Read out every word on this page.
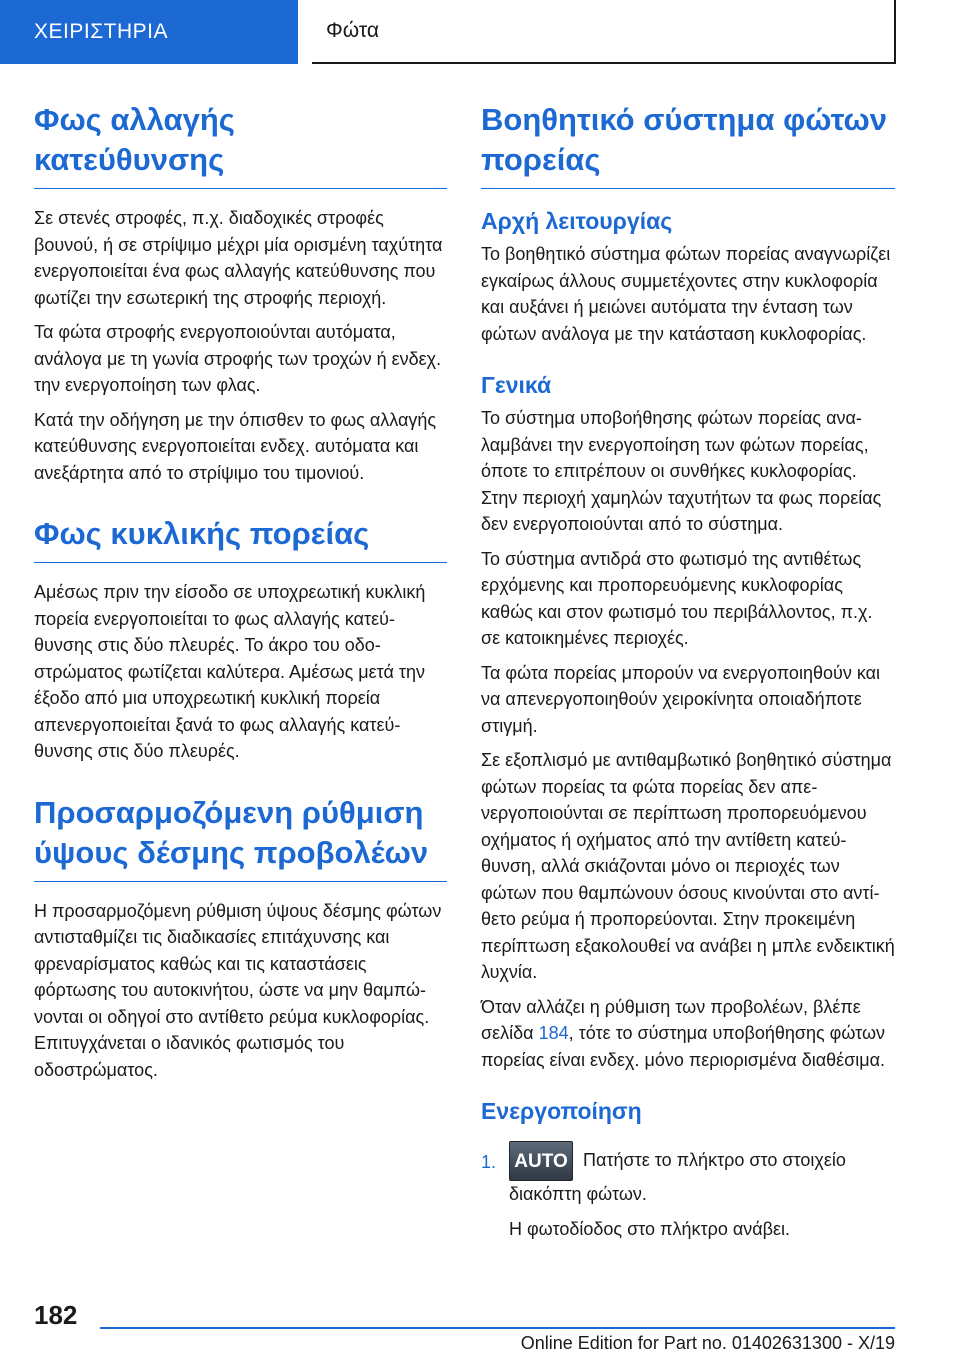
ΧΕΙΡΙΣΤΗΡΙΑ	Φώτα
Φως αλλαγής
κατεύθυνσης

Σε στενές στροφές, π.χ. διαδοχικές στροφές βουνού, ή σε στρίψιμο μέχρι μία ορισμένη ταχύτητα ενεργοποιείται ένα φως αλλαγής κατεύθυνσης που φωτίζει την εσωτερική της στροφής περιοχή.

Τα φώτα στροφής ενεργοποιούνται αυτόματα, ανάλογα με τη γωνία στροφής των τροχών ή ενδεχ. την ενεργοποίηση των φλας.

Κατά την οδήγηση με την όπισθεν το φως αλλαγής κατεύθυνσης ενεργοποιείται ενδεχ. αυτόματα και ανεξάρτητα από το στρίψιμο του τιμονιού.

Φως κυκλικής πορείας

Αμέσως πριν την είσοδο σε υποχρεωτική κυκλική πορεία ενεργοποιείται το φως αλλαγής κατεύθυνσης στις δύο πλευρές. Το άκρο του οδοστρώματος φωτίζεται καλύτερα. Αμέσως μετά την έξοδο από μια υποχρεωτική κυκλική πορεία απενεργοποιείται ξανά το φως αλλαγής κατεύθυνσης στις δύο πλευρές.

Προσαρμοζόμενη ρύθμιση
ύψους δέσμης προβολέων

Η προσαρμοζόμενη ρύθμιση ύψους δέσμης φώτων αντισταθμίζει τις διαδικασίες επιτάχυνσης και φρεναρίσματος καθώς και τις καταστάσεις φόρτωσης του αυτοκινήτου, ώστε να μην θαμπώνονται οι οδηγοί στο αντίθετο ρεύμα κυκλοφορίας. Επιτυγχάνεται ο ιδανικός φωτισμός του οδοστρώματος.

Βοηθητικό σύστημα φώτων
πορείας
Αρχή λειτουργίας

Το βοηθητικό σύστημα φώτων πορείας αναγνωρίζει εγκαίρως άλλους συμμετέχοντες στην κυκλοφορία και αυξάνει ή μειώνει αυτόματα την ένταση των φώτων ανάλογα με την κατάσταση κυκλοφορίας.

Γενικά

Το σύστημα υποβοήθησης φώτων πορείας αναλαμβάνει την ενεργοποίηση των φώτων πορείας, όποτε το επιτρέπουν οι συνθήκες κυκλοφορίας. Στην περιοχή χαμηλών ταχυτήτων τα φως πορείας δεν ενεργοποιούνται από το σύστημα.

Το σύστημα αντιδρά στο φωτισμό της αντιθέτως ερχόμενης και προπορευόμενης κυκλοφορίας καθώς και στον φωτισμό του περιβάλλοντος, π.χ. σε κατοικημένες περιοχές.

Τα φώτα πορείας μπορούν να ενεργοποιηθούν και να απενεργοποιηθούν χειροκίνητα οποιαδήποτε στιγμή.

Σε εξοπλισμό με αντιθαμβωτικό βοηθητικό σύστημα φώτων πορείας τα φώτα πορείας δεν απενεργοποιούνται σε περίπτωση προπορευόμενου οχήματος ή οχήματος από την αντίθετη κατεύθυνση, αλλά σκιάζονται μόνο οι περιοχές των φώτων που θαμπώνουν όσους κινούνται στο αντίθετο ρεύμα ή προπορεύονται. Στην προκειμένη περίπτωση εξακολουθεί να ανάβει η μπλε ενδεικτική λυχνία.

Όταν αλλάζει η ρύθμιση των προβολέων, βλέπε σελίδα 184, τότε το σύστημα υποβοήθησης φώτων πορείας είναι ενδεχ. μόνο περιορισμένα διαθέσιμα.

Ενεργοποίηση
1. AUTO Πατήστε το πλήκτρο στο στοιχείο
διακόπτη φώτων.
Η φωτοδίοδος στο πλήκτρο ανάβει.
182
Online Edition for Part no. 01402631300 - X/19
